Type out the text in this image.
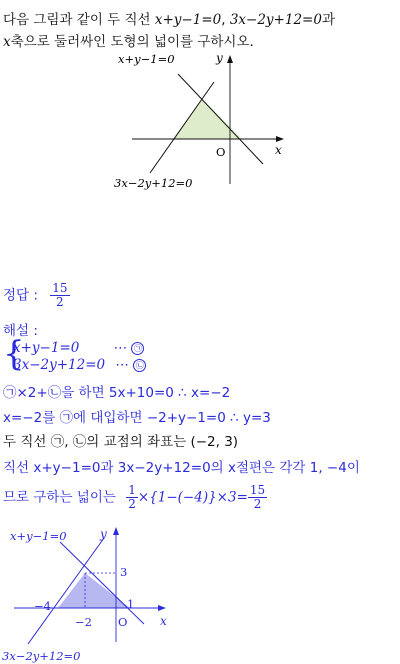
다음 그림과 같이 두 직선 x+y−1=0, 3x−2y+12=0과
x축으로 둘러싸인 도형의 넓이를 구하시오.
x+y−1=0	y
x
O
3x−2y+12=0
정답 : $\frac{15}{2}$
해설 :
{
x+y−1=0	⋯ ㉠
3x−2y+12=0 ⋯ ㉡
㉠×2+㉡을 하면 5x+10=0 ∴ x=−2
x=−2를 ㉠에 대입하면 −2+y−1=0 ∴ y=3
두 직선 ㉠, ㉡의 교점의 좌표는 (−2, 3)
직선 x+y−1=0과 3x−2y+12=0의 x절편은 각각 1, −4이
므로 구하는 넓이는 $\frac{1}{2} \times\{1-(-4)\}\times 3= \frac{15}{2}$
x+y−1=0	y
x
3
−4	1
−2 O
3x−2y+12=0
